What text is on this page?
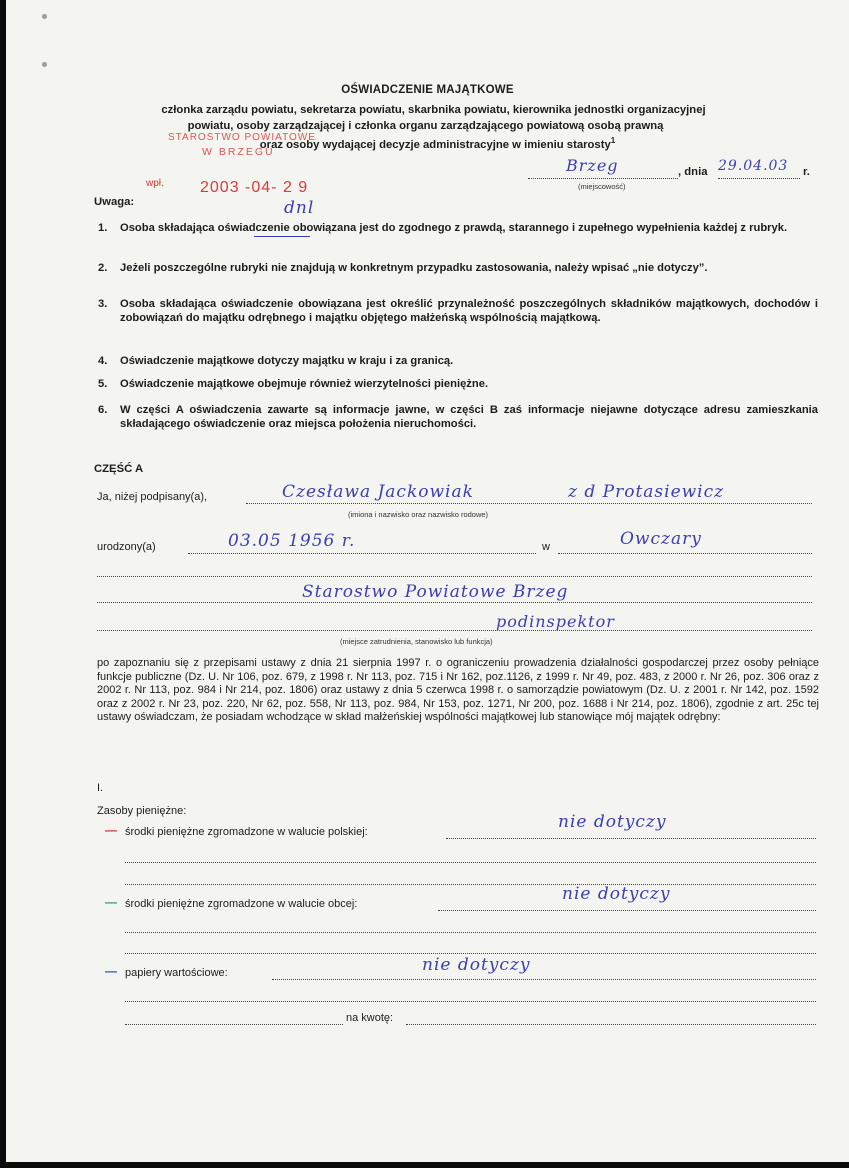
OŚWIADCZENIE MAJĄTKOWE
członka zarządu powiatu, sekretarza powiatu, skarbnika powiatu, kierownika jednostki organizacyjnej
powiatu, osoby zarządzającej i członka organu zarządzającego powiatową osobą prawną
oraz osoby wydającej decyzje administracyjne w imieniu starosty$^1$
STAROSTWO POWIATOWE
W BRZEGU
wpł. 2003 -04- 2 9
Brzeg
(miejscowość)
, dnia 29.04.03 r.
Uwaga:
1. Osoba składająca oświadczenie obowiązana jest do zgodnego z prawdą, starannego i zupełnego wypełnienia każdej z rubryk.
2. Jeżeli poszczególne rubryki nie znajdują w konkretnym przypadku zastosowania, należy wpisać „nie dotyczy”.
3. Osoba składająca oświadczenie obowiązana jest określić przynależność poszczególnych składników majątkowych, dochodów i zobowiązań do majątku odrębnego i majątku objętego małżeńską wspólnością majątkową.
4. Oświadczenie majątkowe dotyczy majątku w kraju i za granicą.
5. Oświadczenie majątkowe obejmuje również wierzytelności pieniężne.
6. W części A oświadczenia zawarte są informacje jawne, w części B zaś informacje niejawne dotyczące adresu zamieszkania składającego oświadczenie oraz miejsca położenia nieruchomości.
dnl
CZĘŚĆ A
Ja, niżej podpisany(a),	Czesława Jackowiak	z d Protasiewicz
(imiona i nazwisko oraz nazwisko rodowe)
urodzony(a)	03.05 1956 r.	w	Owczary
Starostwo Powiatowe Brzeg
podinspektor
(miejsce zatrudnienia, stanowisko lub funkcja)
po zapoznaniu się z przepisami ustawy z dnia 21 sierpnia 1997 r. o ograniczeniu prowadzenia działalności gospodarczej przez osoby pełniące funkcje publiczne (Dz. U. Nr 106, poz. 679, z 1998 r. Nr 113, poz. 715 i Nr 162, poz.1126, z 1999 r. Nr 49, poz. 483, z 2000 r. Nr 26, poz. 306 oraz z 2002 r. Nr 113, poz. 984 i Nr 214, poz. 1806) oraz ustawy z dnia 5 czerwca 1998 r. o samorządzie powiatowym (Dz. U. z 2001 r. Nr 142, poz. 1592 oraz z 2002 r. Nr 23, poz. 220, Nr 62, poz. 558, Nr 113, poz. 984, Nr 153, poz. 1271, Nr 200, poz. 1688 i Nr 214, poz. 1806), zgodnie z art. 25c tej ustawy oświadczam, że posiadam wchodzące w skład małżeńskiej wspólności majątkowej lub stanowiące mój majątek odrębny:
I.
Zasoby pieniężne:
— środki pieniężne zgromadzone w walucie polskiej:	nie dotyczy
— środki pieniężne zgromadzone w walucie obcej:	nie dotyczy
— papiery wartościowe:	nie dotyczy
na kwotę:
